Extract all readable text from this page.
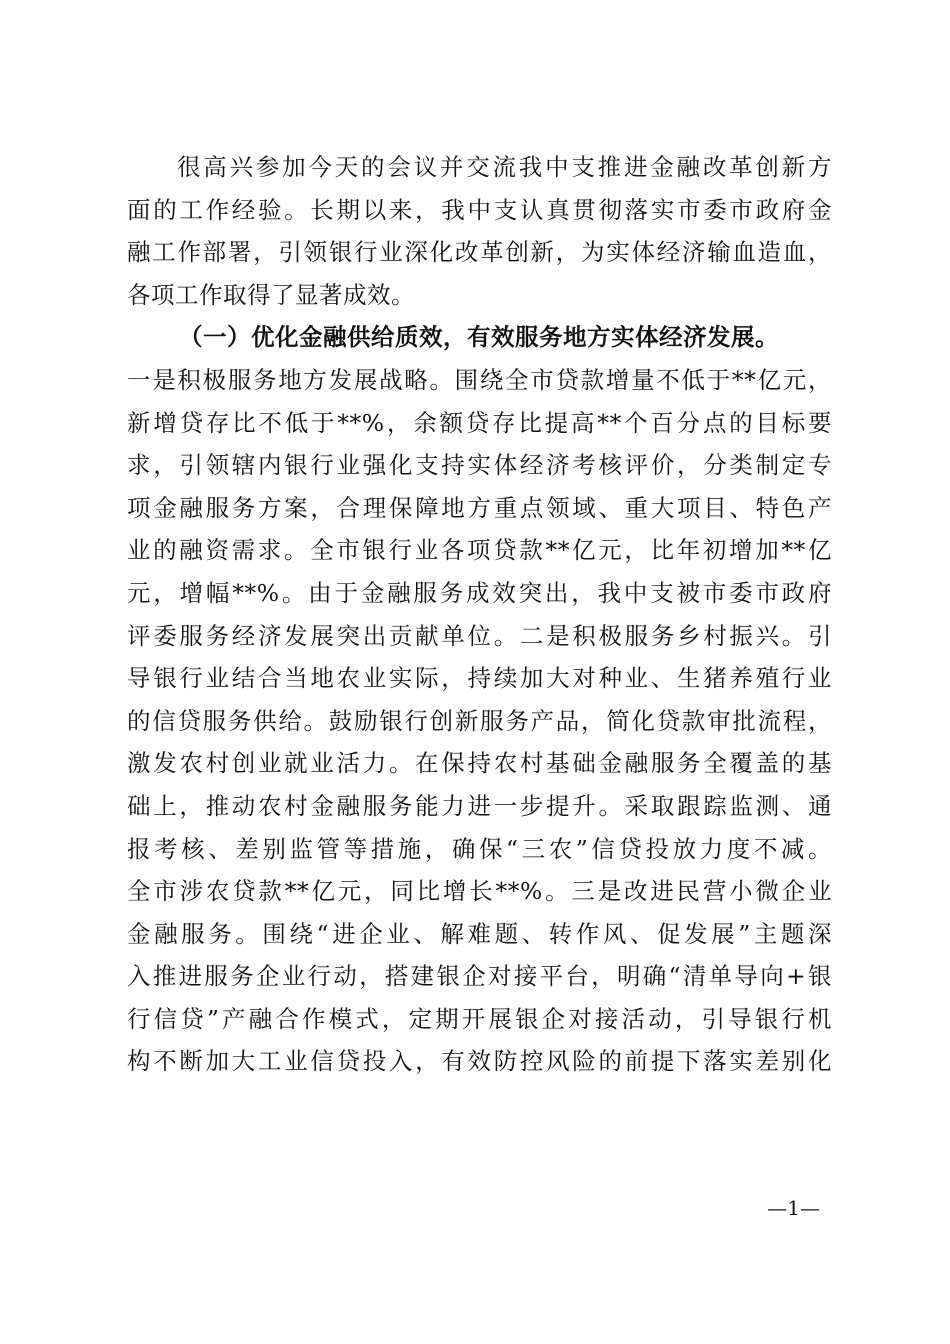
很高兴参加今天的会议并交流我中支推进金融改革创新方
面的工作经验。长期以来，我中支认真贯彻落实市委市政府金
融工作部署，引领银行业深化改革创新，为实体经济输血造血，
各项工作取得了显著成效。
（一）优化金融供给质效，有效服务地方实体经济发展。
一是积极服务地方发展战略。围绕全市贷款增量不低于**亿元，
新增贷存比不低于**%，余额贷存比提高**个百分点的目标要
求，引领辖内银行业强化支持实体经济考核评价，分类制定专
项金融服务方案，合理保障地方重点领域、重大项目、特色产
业的融资需求。全市银行业各项贷款**亿元，比年初增加**亿
元，增幅**%。由于金融服务成效突出，我中支被市委市政府
评委服务经济发展突出贡献单位。二是积极服务乡村振兴。引
导银行业结合当地农业实际，持续加大对种业、生猪养殖行业
的信贷服务供给。鼓励银行创新服务产品，简化贷款审批流程，
激发农村创业就业活力。在保持农村基础金融服务全覆盖的基
础上，推动农村金融服务能力进一步提升。采取跟踪监测、通
报考核、差别监管等措施，确保“三农”信贷投放力度不减。
全市涉农贷款**亿元，同比增长**%。三是改进民营小微企业
金融服务。围绕“进企业、解难题、转作风、促发展”主题深
入推进服务企业行动，搭建银企对接平台，明确“清单导向+银
行信贷”产融合作模式，定期开展银企对接活动，引导银行机
构不断加大工业信贷投入，有效防控风险的前提下落实差别化
—1—
